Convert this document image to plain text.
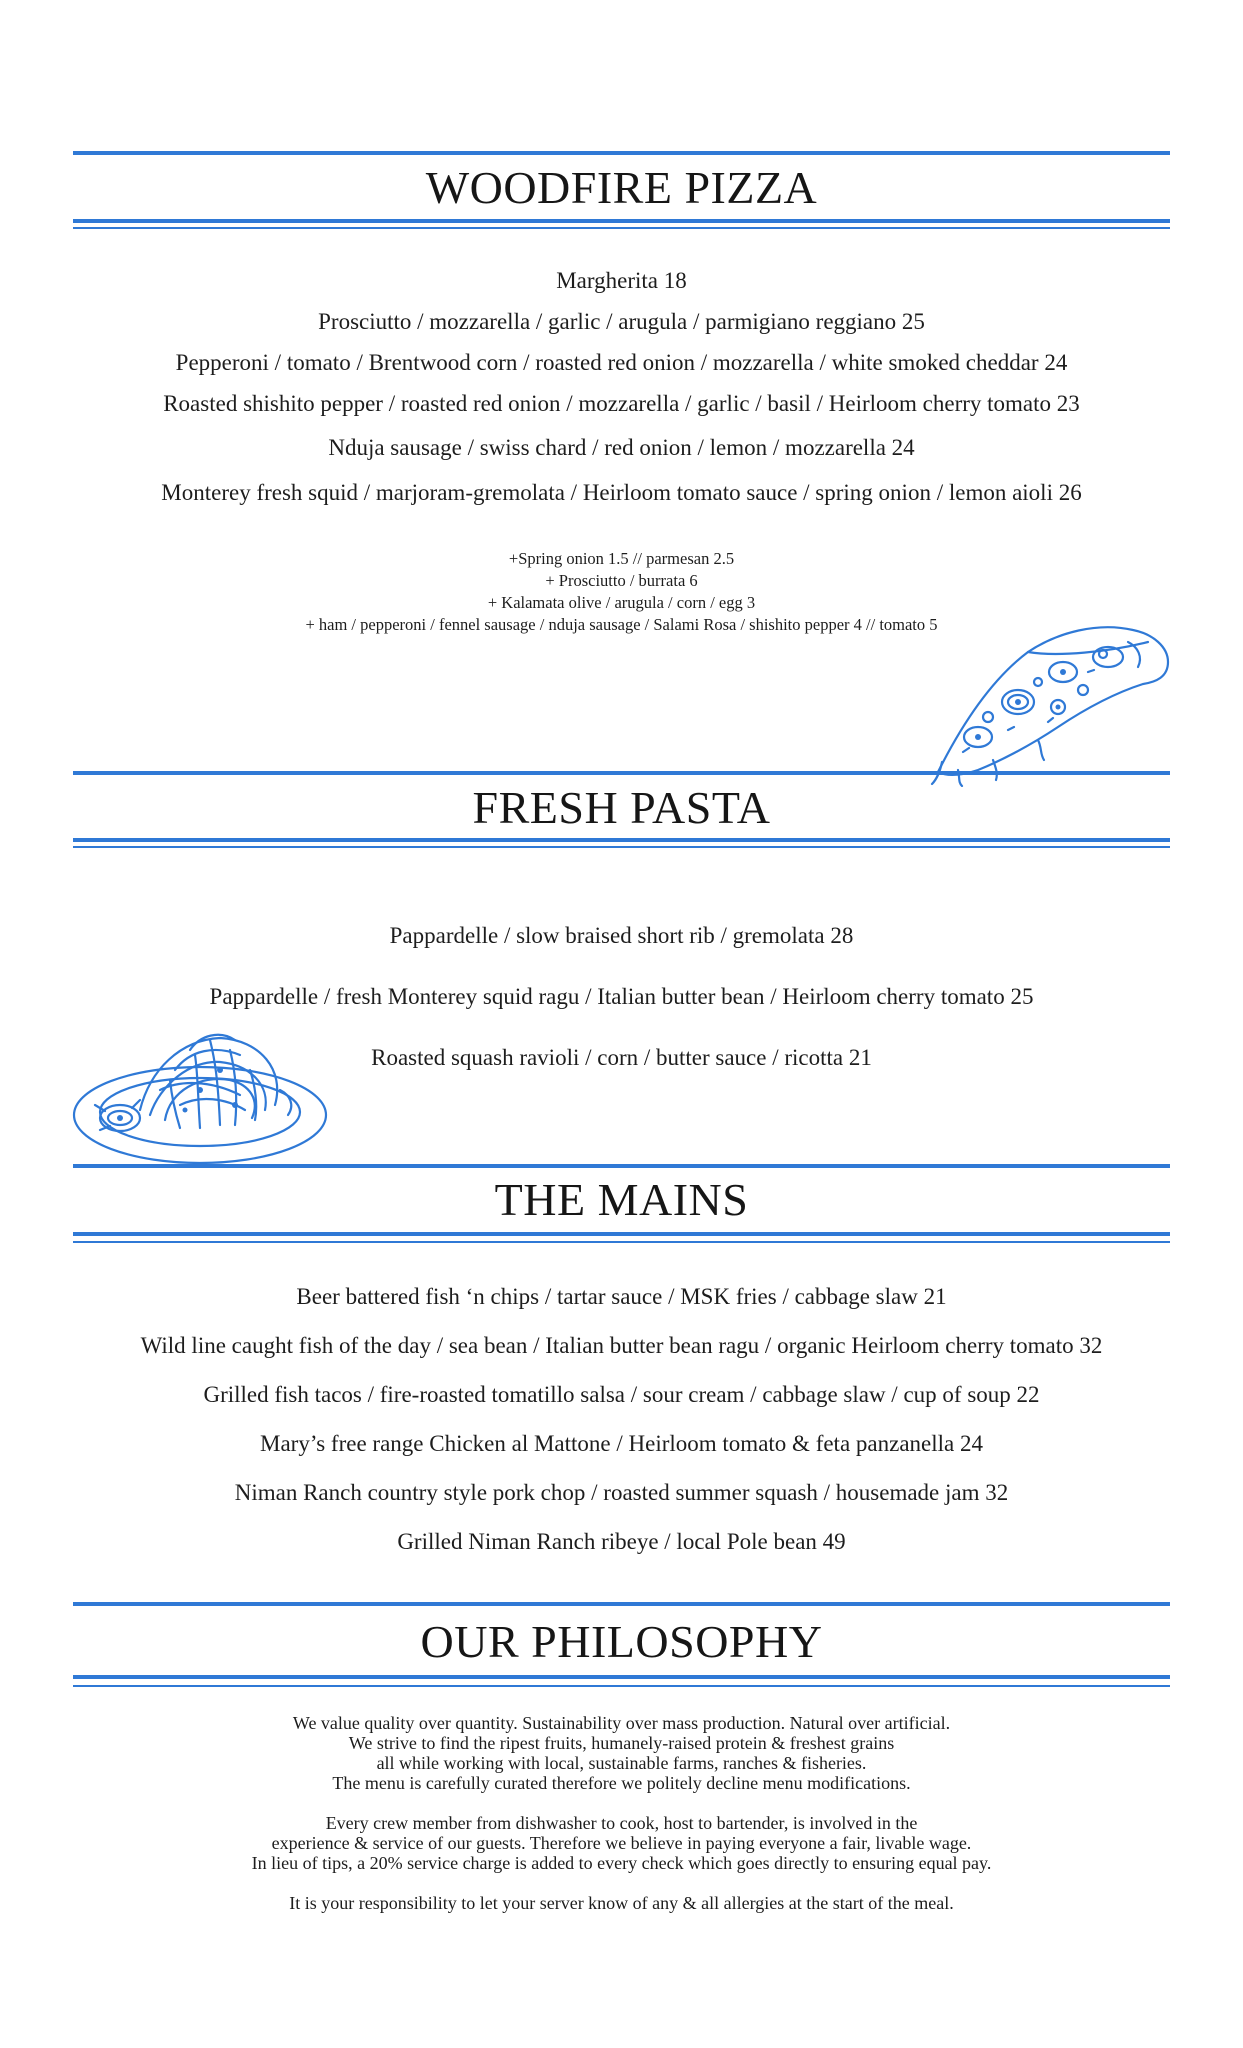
WOODFIRE PIZZA
Margherita 18
Prosciutto / mozzarella / garlic / arugula / parmigiano reggiano 25
Pepperoni / tomato / Brentwood corn / roasted red onion / mozzarella / white smoked cheddar 24
Roasted shishito pepper / roasted red onion / mozzarella / garlic / basil / Heirloom cherry tomato 23
Nduja sausage / swiss chard / red onion / lemon / mozzarella 24
Monterey fresh squid / marjoram-gremolata / Heirloom tomato sauce / spring onion / lemon aioli 26
+Spring onion 1.5 // parmesan 2.5
+ Prosciutto / burrata 6
+ Kalamata olive / arugula / corn / egg 3
+ ham / pepperoni / fennel sausage / nduja sausage / Salami Rosa / shishito pepper 4 // tomato 5
FRESH PASTA
Pappardelle / slow braised short rib / gremolata 28
Pappardelle / fresh Monterey squid ragu / Italian butter bean / Heirloom cherry tomato 25
Roasted squash ravioli / corn / butter sauce / ricotta 21
THE MAINS
Beer battered fish ‘n chips / tartar sauce / MSK fries / cabbage slaw 21
Wild line caught fish of the day / sea bean / Italian butter bean ragu / organic Heirloom cherry tomato 32
Grilled fish tacos / fire-roasted tomatillo salsa / sour cream / cabbage slaw / cup of soup 22
Mary’s free range Chicken al Mattone / Heirloom tomato & feta panzanella 24
Niman Ranch country style pork chop / roasted summer squash / housemade jam 32
Grilled Niman Ranch ribeye / local Pole bean 49
OUR PHILOSOPHY
We value quality over quantity. Sustainability over mass production. Natural over artificial.
We strive to find the ripest fruits, humanely-raised protein & freshest grains
all while working with local, sustainable farms, ranches & fisheries.
The menu is carefully curated therefore we politely decline menu modifications.
Every crew member from dishwasher to cook, host to bartender, is involved in the
experience & service of our guests. Therefore we believe in paying everyone a fair, livable wage.
In lieu of tips, a 20% service charge is added to every check which goes directly to ensuring equal pay.
It is your responsibility to let your server know of any & all allergies at the start of the meal.
